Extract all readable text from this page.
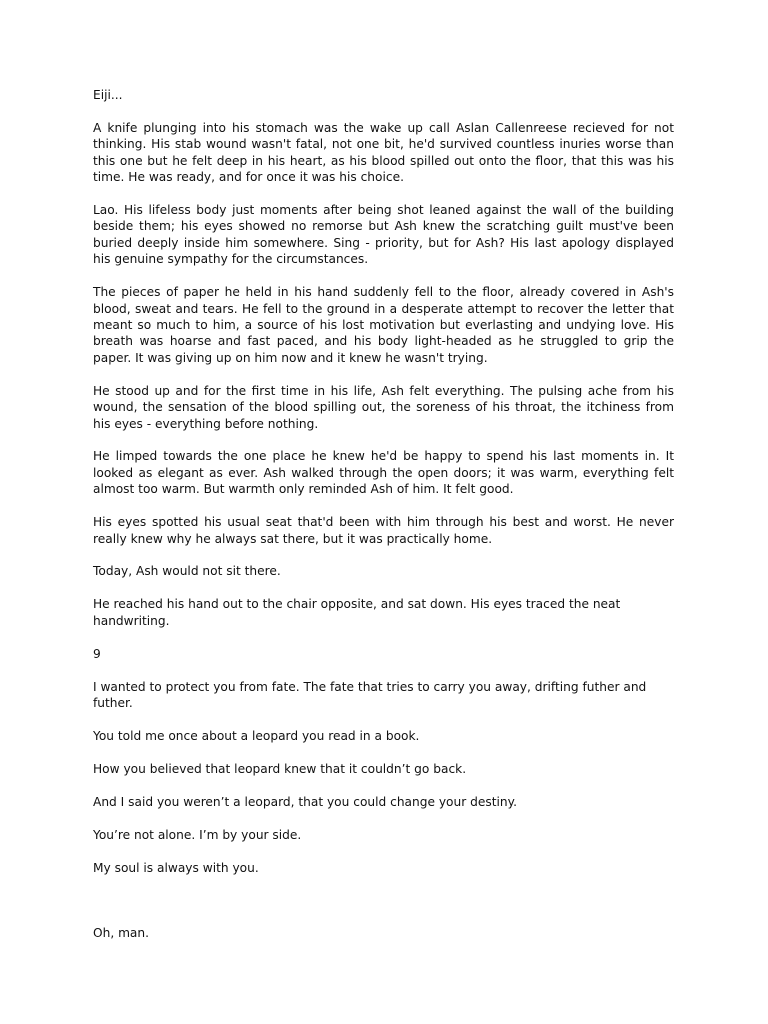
Eiji...

A knife plunging into his stomach was the wake up call Aslan Callenreese recieved for not thinking. His stab wound wasn't fatal, not one bit, he'd survived countless inuries worse than this one but he felt deep in his heart, as his blood spilled out onto the floor, that this was his time. He was ready, and for once it was his choice.

Lao. His lifeless body just moments after being shot leaned against the wall of the building beside them; his eyes showed no remorse but Ash knew the scratching guilt must've been buried deeply inside him somewhere. Sing - priority, but for Ash? His last apology displayed his genuine sympathy for the circumstances.

The pieces of paper he held in his hand suddenly fell to the floor, already covered in Ash's blood, sweat and tears. He fell to the ground in a desperate attempt to recover the letter that meant so much to him, a source of his lost motivation but everlasting and undying love. His breath was hoarse and fast paced, and his body light-headed as he struggled to grip the paper. It was giving up on him now and it knew he wasn't trying.

He stood up and for the first time in his life, Ash felt everything. The pulsing ache from his wound, the sensation of the blood spilling out, the soreness of his throat, the itchiness from his eyes - everything before nothing.

He limped towards the one place he knew he'd be happy to spend his last moments in. It looked as elegant as ever. Ash walked through the open doors; it was warm, everything felt almost too warm. But warmth only reminded Ash of him. It felt good.

His eyes spotted his usual seat that'd been with him through his best and worst. He never really knew why he always sat there, but it was practically home.

Today, Ash would not sit there.

He reached his hand out to the chair opposite, and sat down. His eyes traced the neat handwriting.

9

I wanted to protect you from fate. The fate that tries to carry you away, drifting futher and futher.

You told me once about a leopard you read in a book.

How you believed that leopard knew that it couldn’t go back.

And I said you weren’t a leopard, that you could change your destiny.

You’re not alone. I’m by your side.

My soul is always with you.

Oh, man.
